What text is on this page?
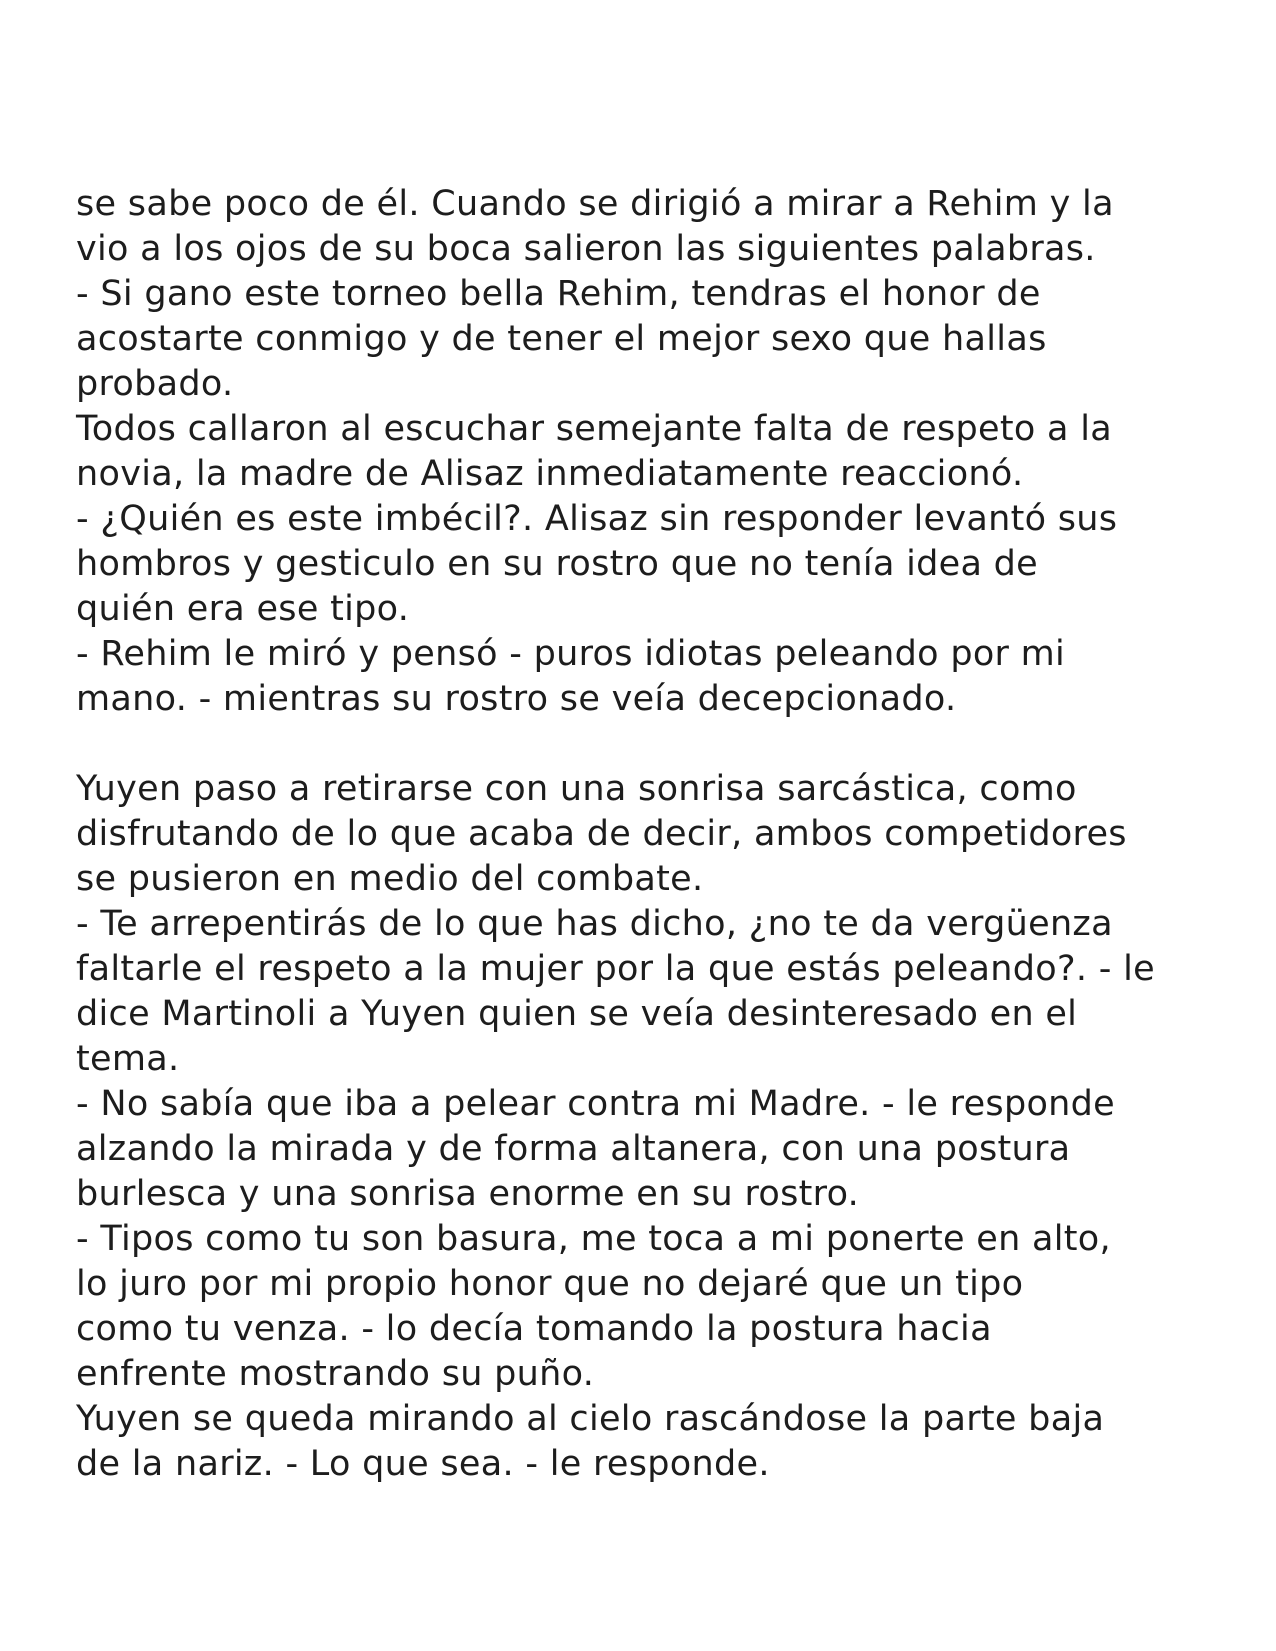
se sabe poco de él. Cuando se dirigió a mirar a Rehim y la
vio a los ojos de su boca salieron las siguientes palabras.
- Si gano este torneo bella Rehim, tendras el honor de
acostarte conmigo y de tener el mejor sexo que hallas
probado.
Todos callaron al escuchar semejante falta de respeto a la
novia, la madre de Alisaz inmediatamente reaccionó.
- ¿Quién es este imbécil?. Alisaz sin responder levantó sus
hombros y gesticulo en su rostro que no tenía idea de
quién era ese tipo.
- Rehim le miró y pensó - puros idiotas peleando por mi
mano. - mientras su rostro se veía decepcionado.
Yuyen paso a retirarse con una sonrisa sarcástica, como
disfrutando de lo que acaba de decir, ambos competidores
se pusieron en medio del combate.
- Te arrepentirás de lo que has dicho, ¿no te da vergüenza
faltarle el respeto a la mujer por la que estás peleando?. - le
dice Martinoli a Yuyen quien se veía desinteresado en el
tema.
- No sabía que iba a pelear contra mi Madre. - le responde
alzando la mirada y de forma altanera, con una postura
burlesca y una sonrisa enorme en su rostro.
- Tipos como tu son basura, me toca a mi ponerte en alto,
lo juro por mi propio honor que no dejaré que un tipo
como tu venza. - lo decía tomando la postura hacia
enfrente mostrando su puño.
Yuyen se queda mirando al cielo rascándose la parte baja
de la nariz. - Lo que sea. - le responde.
